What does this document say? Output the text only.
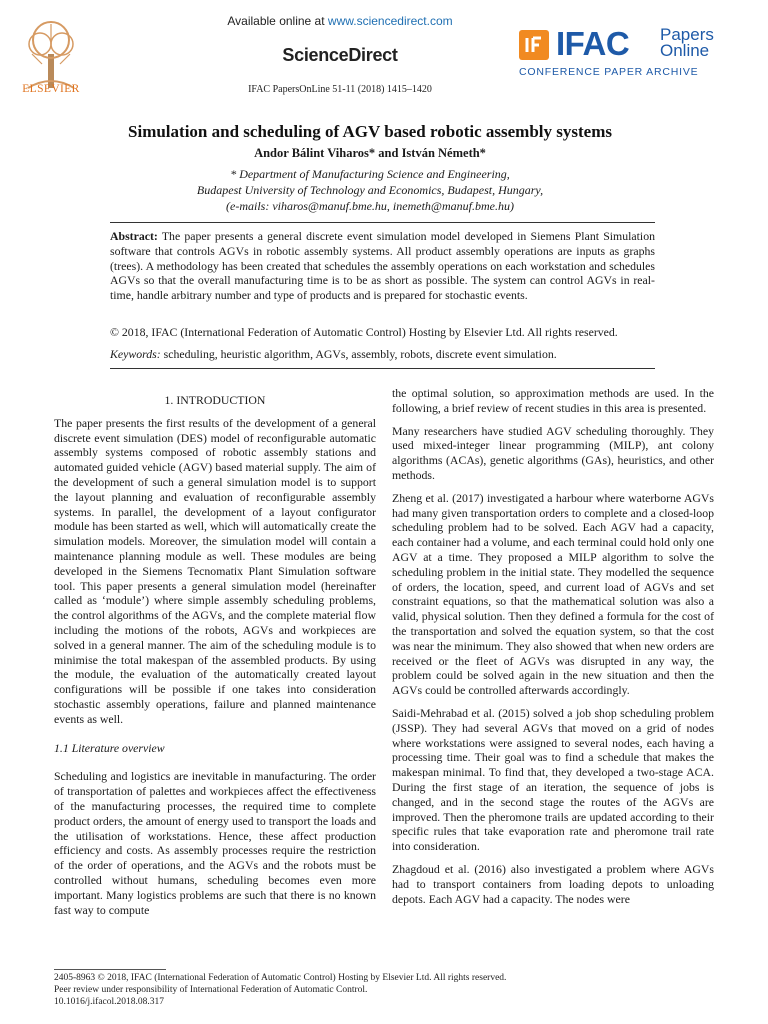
ELSEVIER
Available online at www.sciencedirect.com
ScienceDirect
IFAC PapersOnLine 51-11 (2018) 1415–1420
IFAC Papers
Online
CONFERENCE PAPER ARCHIVE
Simulation and scheduling of AGV based robotic assembly systems
Andor Bálint Viharos* and István Németh*
* Department of Manufacturing Science and Engineering,
Budapest University of Technology and Economics, Budapest, Hungary,
(e-mails: viharos@manuf.bme.hu, inemeth@manuf.bme.hu)
Abstract: The paper presents a general discrete event simulation model developed in Siemens Plant Simulation software that controls AGVs in robotic assembly systems. All product assembly operations are inputs as graphs (trees). A methodology has been created that schedules the assembly operations on each workstation and schedules AGVs so that the overall manufacturing time is to be as short as possible. The system can control AGVs in real-time, handle arbitrary number and type of products and is prepared for stochastic events.
© 2018, IFAC (International Federation of Automatic Control) Hosting by Elsevier Ltd. All rights reserved.
Keywords: scheduling, heuristic algorithm, AGVs, assembly, robots, discrete event simulation.
1. INTRODUCTION

The paper presents the first results of the development of a general discrete event simulation (DES) model of reconfigurable automatic assembly systems composed of robotic assembly stations and automated guided vehicle (AGV) based material supply. The aim of the development of such a general simulation model is to support the layout planning and evaluation of reconfigurable assembly systems. In parallel, the development of a layout configurator module has been started as well, which will automatically create the simulation models. Moreover, the simulation model will contain a maintenance planning module as well. These modules are being developed in the Siemens Tecnomatix Plant Simulation software tool. This paper presents a general simulation model (hereinafter called as ‘module’) where simple assembly scheduling problems, the control algorithms of the AGVs, and the complete material flow including the motions of the robots, AGVs and workpieces are solved in a general manner. The aim of the scheduling module is to minimise the total makespan of the assembled products. By using the module, the evaluation of the automatically created layout configurations will be possible if one takes into consideration stochastic assembly operations, failure and planned maintenance events as well.

1.1 Literature overview

Scheduling and logistics are inevitable in manufacturing. The order of transportation of palettes and workpieces affect the effectiveness of the manufacturing processes, the required time to complete product orders, the amount of energy used to transport the loads and the utilisation of workstations. Hence, these affect production efficiency and costs. As assembly processes require the restriction of the order of operations, and the AGVs and the robots must be controlled without humans, scheduling becomes even more important. Many logistics problems are such that there is no known fast way to compute

the optimal solution, so approximation methods are used. In the following, a brief review of recent studies in this area is presented.

Many researchers have studied AGV scheduling thoroughly. They used mixed-integer linear programming (MILP), ant colony algorithms (ACAs), genetic algorithms (GAs), heuristics, and other methods.

Zheng et al. (2017) investigated a harbour where waterborne AGVs had many given transportation orders to complete and a closed-loop scheduling problem had to be solved. Each AGV had a capacity, each container had a volume, and each terminal could hold only one AGV at a time. They proposed a MILP algorithm to solve the scheduling problem in the initial state. They modelled the sequence of orders, the location, speed, and current load of AGVs and set constraint equations, so that the mathematical solution was also a valid, physical solution. Then they defined a formula for the cost of the transportation and solved the equation system, so that the cost was near the minimum. They also showed that when new orders are received or the fleet of AGVs was disrupted in any way, the problem could be solved again in the new situation and then the AGVs could be controlled afterwards accordingly.

Saidi-Mehrabad et al. (2015) solved a job shop scheduling problem (JSSP). They had several AGVs that moved on a grid of nodes where workstations were assigned to several nodes, each having a processing time. Their goal was to find a schedule that makes the makespan minimal. To find that, they developed a two-stage ACA. During the first stage of an iteration, the sequence of jobs is changed, and in the second stage the routes of the AGVs are improved. Then the pheromone trails are updated according to their specific rules that take evaporation rate and pheromone trail rate into consideration.

Zhagdoud et al. (2016) also investigated a problem where AGVs had to transport containers from loading depots to unloading depots. Each AGV had a capacity. The nodes were

2405-8963 © 2018, IFAC (International Federation of Automatic Control) Hosting by Elsevier Ltd. All rights reserved.
Peer review under responsibility of International Federation of Automatic Control.
10.1016/j.ifacol.2018.08.317
